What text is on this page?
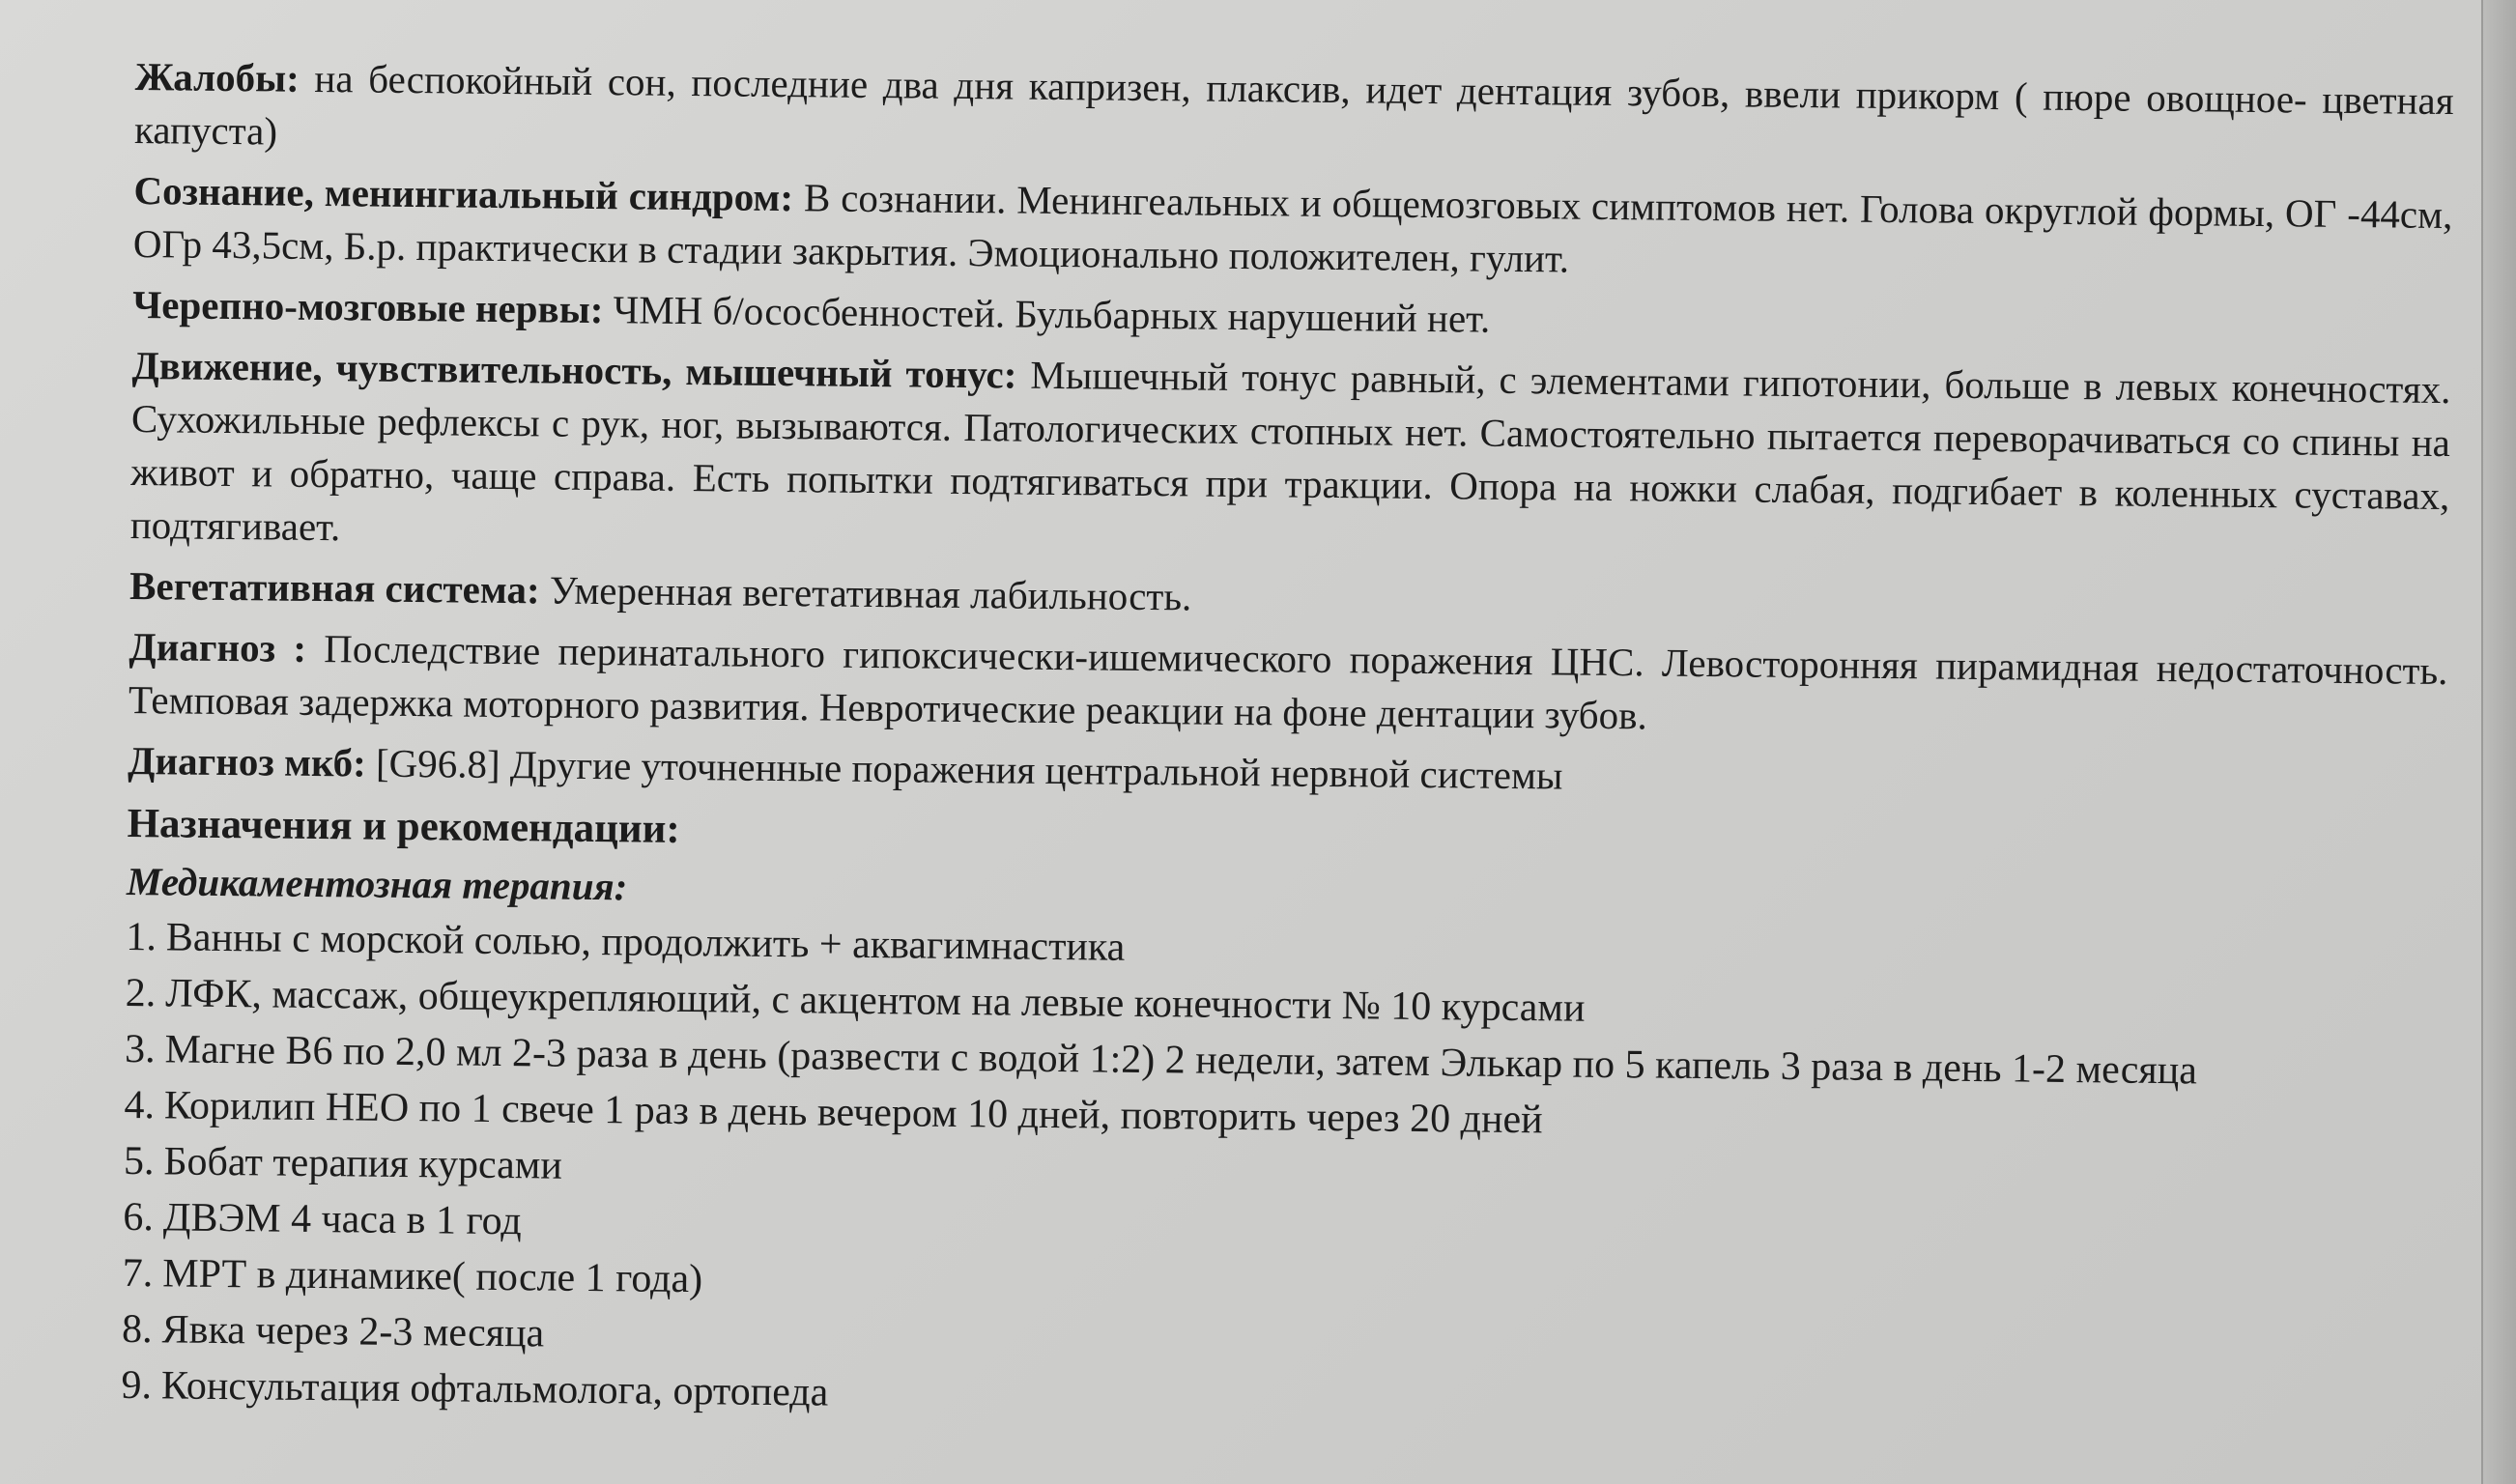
Жалобы: на беспокойный сон, последние два дня капризен, плаксив, идет дентация зубов, ввели прикорм ( пюре овощное- цветная капуста)

Сознание, менингиальный синдром: В сознании. Менингеальных и общемозговых симптомов нет. Голова округлой формы, ОГ -44см, ОГр 43,5см, Б.р. практически в стадии закрытия. Эмоционально положителен, гулит.

Черепно-мозговые нервы: ЧМН б/ососбенностей. Бульбарных нарушений нет.

Движение, чувствительность, мышечный тонус: Мышечный тонус равный, с элементами гипотонии, больше в левых конечностях. Сухожильные рефлексы с рук, ног, вызываются. Патологических стопных нет. Самостоятельно пытается переворачиваться со спины на живот и обратно, чаще справа. Есть попытки подтягиваться при тракции. Опора на ножки слабая, подгибает в коленных суставах, подтягивает.

Вегетативная система: Умеренная вегетативная лабильность.

Диагноз : Последствие перинатального гипоксически-ишемического поражения ЦНС. Левосторонняя пирамидная недостаточность. Темповая задержка моторного развития. Невротические реакции на фоне дентации зубов.

Диагноз мкб: [G96.8] Другие уточненные поражения центральной нервной системы

Назначения и рекомендации:

Медикаментозная терапия:

1. Ванны с морской солью, продолжить + аквагимнастика
2. ЛФК, массаж, общеукрепляющий, с акцентом на левые конечности № 10 курсами
3. Магне В6 по 2,0 мл 2-3 раза в день (развести с водой 1:2) 2 недели, затем Элькар по 5 капель 3 раза в день 1-2 месяца
4. Корилип НЕО по 1 свече 1 раз в день вечером 10 дней, повторить через 20 дней
5. Бобат терапия курсами
6. ДВЭМ 4 часа в 1 год
7. МРТ в динамике( после 1 года)
8. Явка через 2-3 месяца
9. Консультация офтальмолога, ортопеда
